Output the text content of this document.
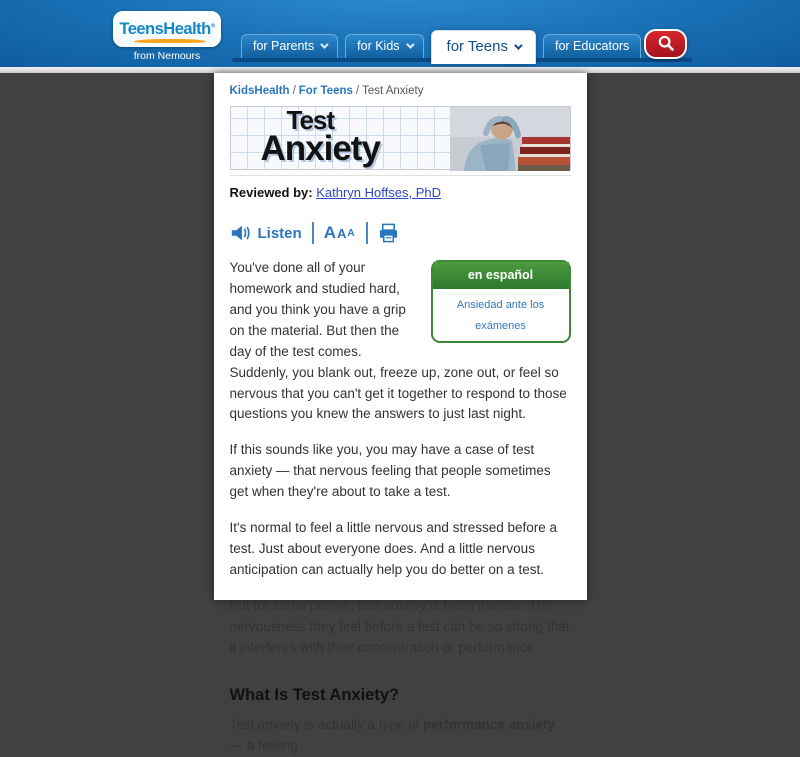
TeensHealth®
from Nemours
for Parents	for Kids	for Teens	for Educators
KidsHealth / For Teens / Test Anxiety
Test
Anxiety
Reviewed by: Kathryn Hoffses, PhD
Listen A A A
en español
Ansiedad ante los exámenes

You've done all of your homework and studied hard, and you think you have a grip on the material. But then the day of the test comes. Suddenly, you blank out, freeze up, zone out, or feel so nervous that you can't get it together to respond to those questions you knew the answers to just last night.

If this sounds like you, you may have a case of test anxiety — that nervous feeling that people sometimes get when they're about to take a test.

It's normal to feel a little nervous and stressed before a test. Just about everyone does. And a little nervous anticipation can actually help you do better on a test.

But for some people, test anxiety is more intense. The nervousness they feel before a test can be so strong that it interferes with their concentration or performance.

What Is Test Anxiety?

Test anxiety is actually a type of performance anxiety — a feeling
